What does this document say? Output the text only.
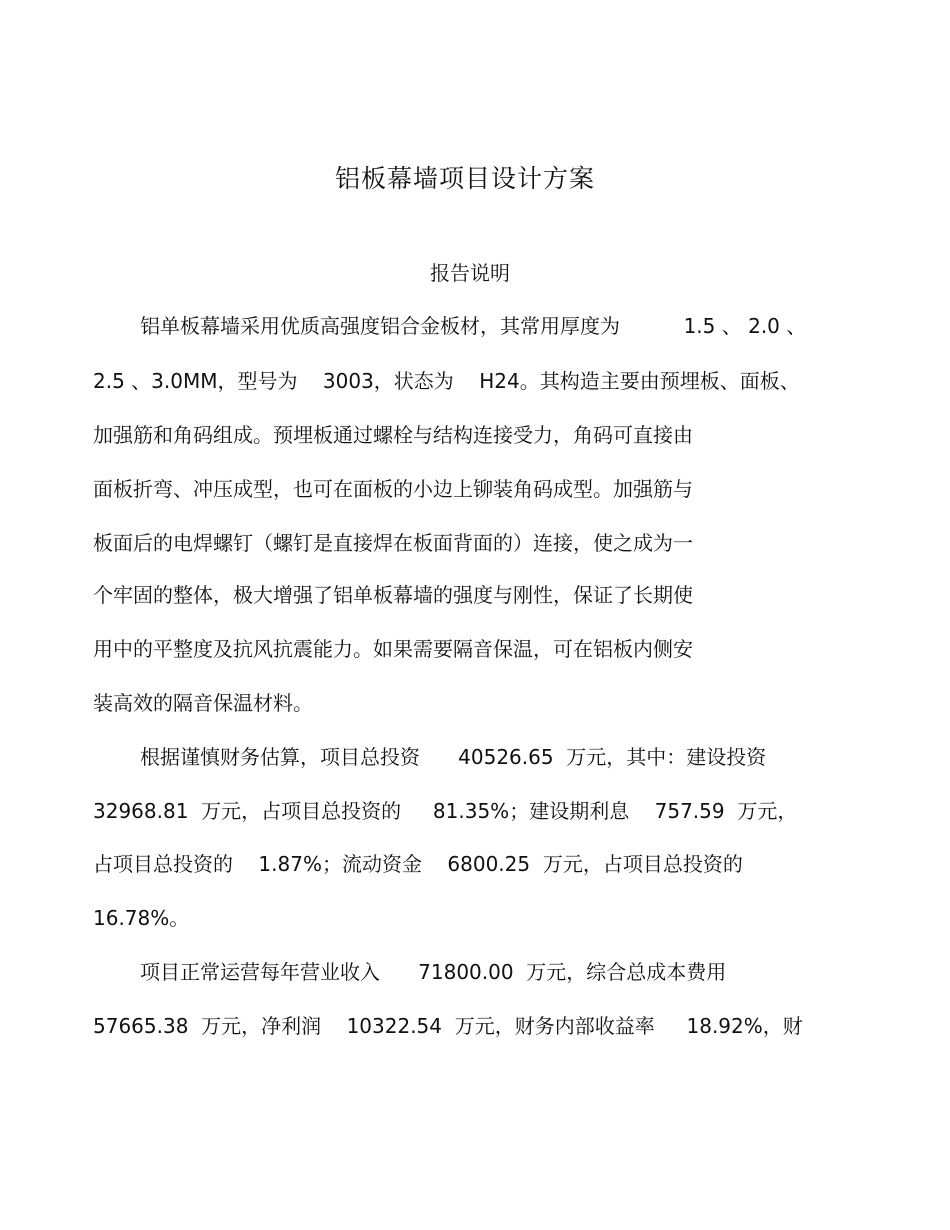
铝板幕墙项目设计方案
报告说明
铝单板幕墙采用优质高强度铝合金板材，其常用厚度为          1.5 、 2.0 、
2.5 、3.0MM，型号为    3003，状态为    H24。其构造主要由预埋板、面板、
加强筋和角码组成。预埋板通过螺栓与结构连接受力，角码可直接由
面板折弯、冲压成型，也可在面板的小边上铆装角码成型。加强筋与
板面后的电焊螺钉（螺钉是直接焊在板面背面的）连接，使之成为一
个牢固的整体，极大增强了铝单板幕墙的强度与刚性，保证了长期使
用中的平整度及抗风抗震能力。如果需要隔音保温，可在铝板内侧安
装高效的隔音保温材料。
根据谨慎财务估算，项目总投资      40526.65  万元，其中：建设投资
32968.81  万元，占项目总投资的     81.35%；建设期利息    757.59  万元，
占项目总投资的    1.87%；流动资金    6800.25  万元，占项目总投资的
16.78%。
项目正常运营每年营业收入      71800.00  万元，综合总成本费用
57665.38  万元，净利润    10322.54  万元，财务内部收益率     18.92%，财
